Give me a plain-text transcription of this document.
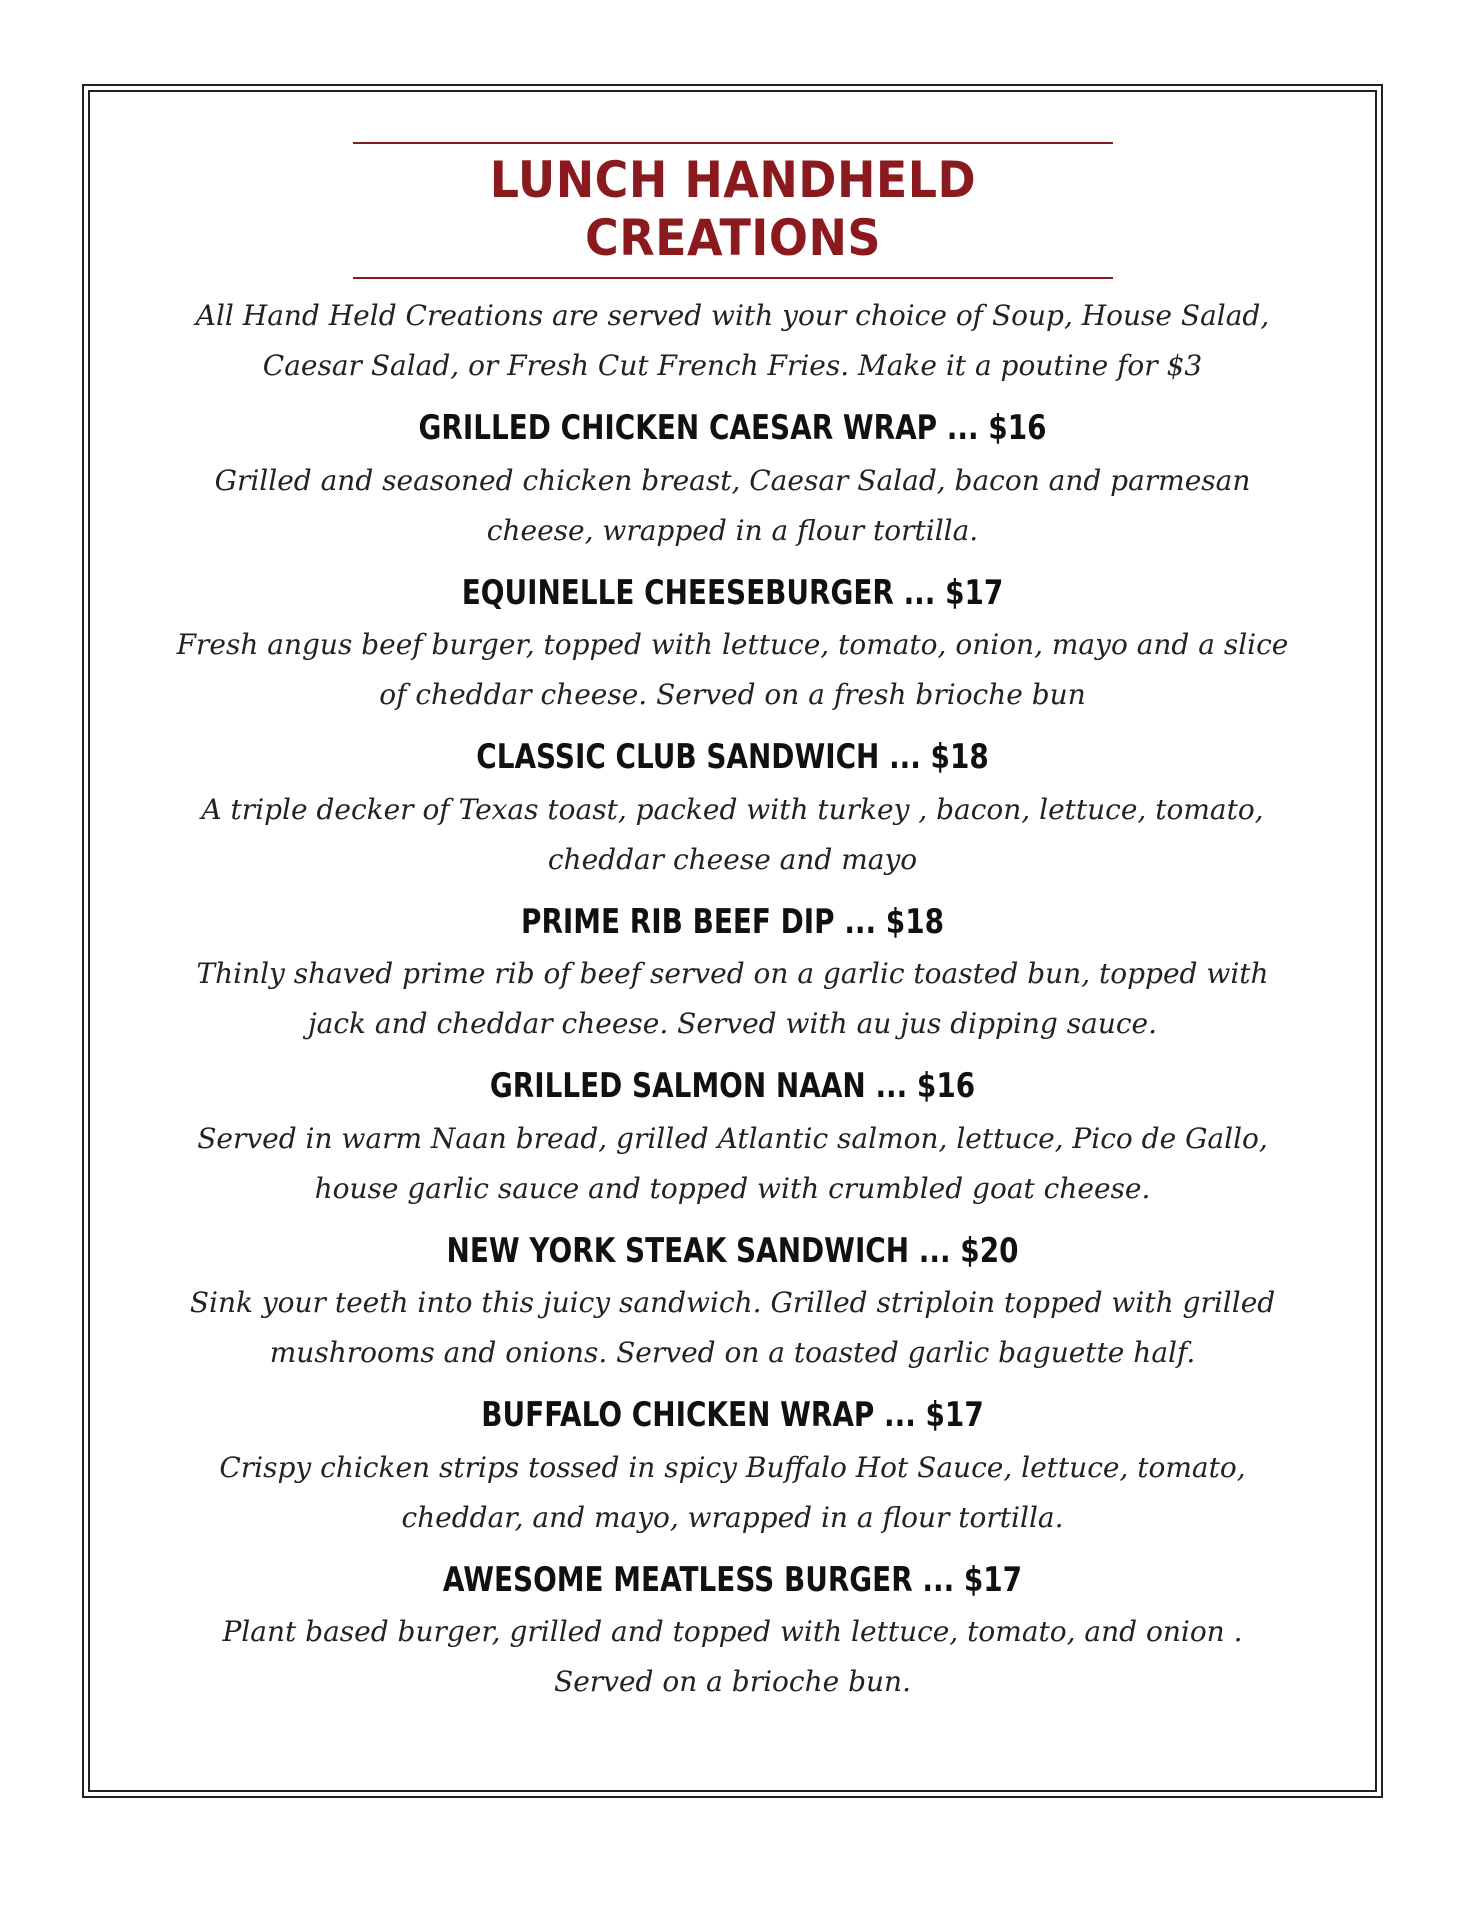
LUNCH HANDHELD CREATIONS
All Hand Held Creations are served with your choice of Soup, House Salad, Caesar Salad, or Fresh Cut French Fries. Make it a poutine for $3
GRILLED CHICKEN CAESAR WRAP ... $16
Grilled and seasoned chicken breast, Caesar Salad, bacon and parmesan cheese, wrapped in a flour tortilla.
EQUINELLE CHEESEBURGER ... $17
Fresh angus beef burger, topped with lettuce, tomato, onion, mayo and a slice of cheddar cheese. Served on a fresh brioche bun
CLASSIC CLUB SANDWICH ... $18
A triple decker of Texas toast, packed with turkey , bacon, lettuce, tomato, cheddar cheese and mayo
PRIME RIB BEEF DIP ... $18
Thinly shaved prime rib of beef served on a garlic toasted bun, topped with jack and cheddar cheese. Served with au jus dipping sauce.
GRILLED SALMON NAAN ... $16
Served in warm Naan bread, grilled Atlantic salmon, lettuce, Pico de Gallo, house garlic sauce and topped with crumbled goat cheese.
NEW YORK STEAK SANDWICH ... $20
Sink your teeth into this juicy sandwich. Grilled striploin topped with grilled mushrooms and onions. Served on a toasted garlic baguette half.
BUFFALO CHICKEN WRAP ... $17
Crispy chicken strips tossed in spicy Buffalo Hot Sauce, lettuce, tomato, cheddar, and mayo, wrapped in a flour tortilla.
AWESOME MEATLESS BURGER ... $17
Plant based burger, grilled and topped with lettuce, tomato, and onion . Served on a brioche bun.
